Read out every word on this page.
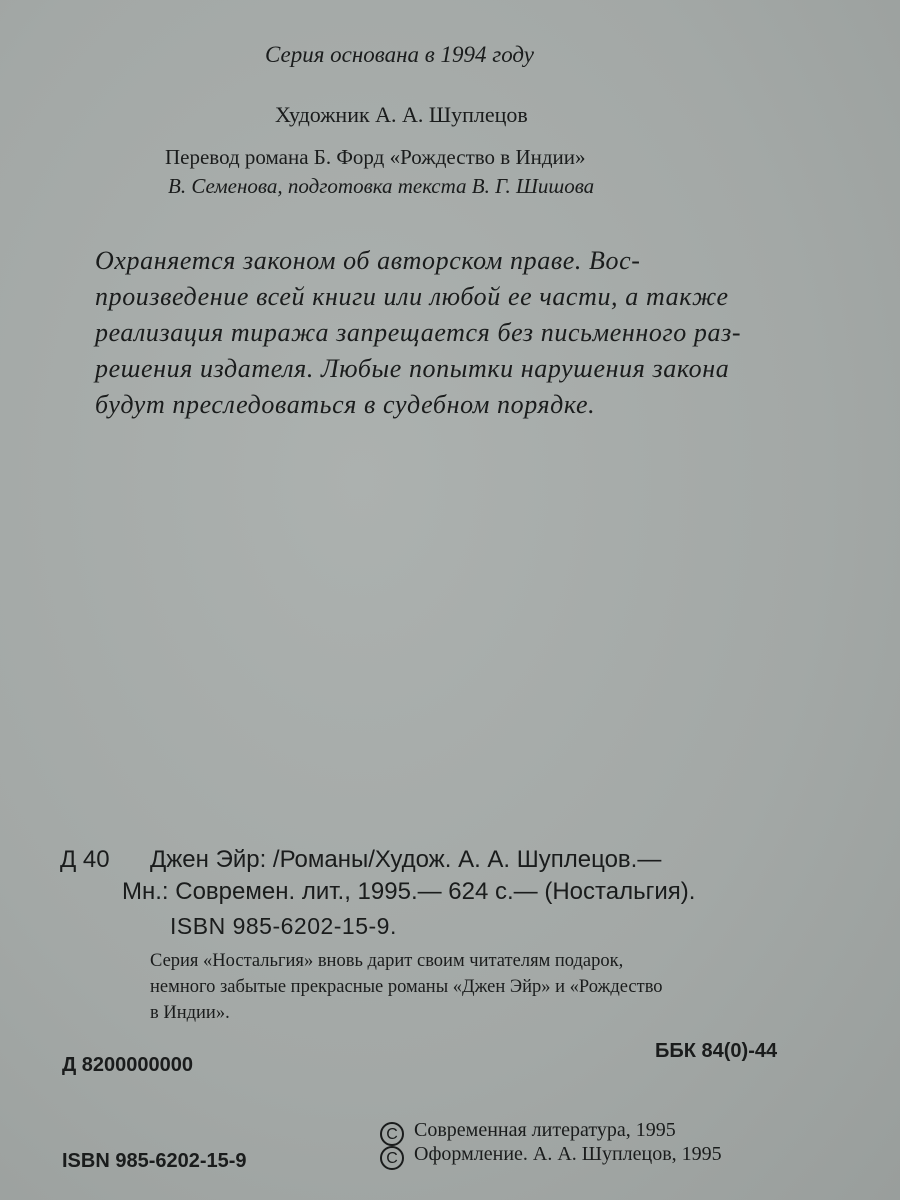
Серия основана в 1994 году
Художник А. А. Шуплецов
Перевод романа Б. Форд «Рождество в Индии»
В. Семенова, подготовка текста В. Г. Шишова
Охраняется законом об авторском праве. Вос-
произведение всей книги или любой ее части, а также
реализация тиража запрещается без письменного раз-
решения издателя. Любые попытки нарушения закона
будут преследоваться в судебном порядке.
Д 40 Джен Эйр: /Романы/Худож. А. А. Шуплецов.—
Мн.: Современ. лит., 1995.— 624 с.— (Ностальгия).
ISBN 985-6202-15-9.
Серия «Ностальгия» вновь дарит своим читателям подарок,
немного забытые прекрасные романы «Джен Эйр» и «Рождество
в Индии».
Д 8200000000
ББК 84(0)-44
ISBN 985-6202-15-9
C Современная литература, 1995
C Оформление. А. А. Шуплецов, 1995
